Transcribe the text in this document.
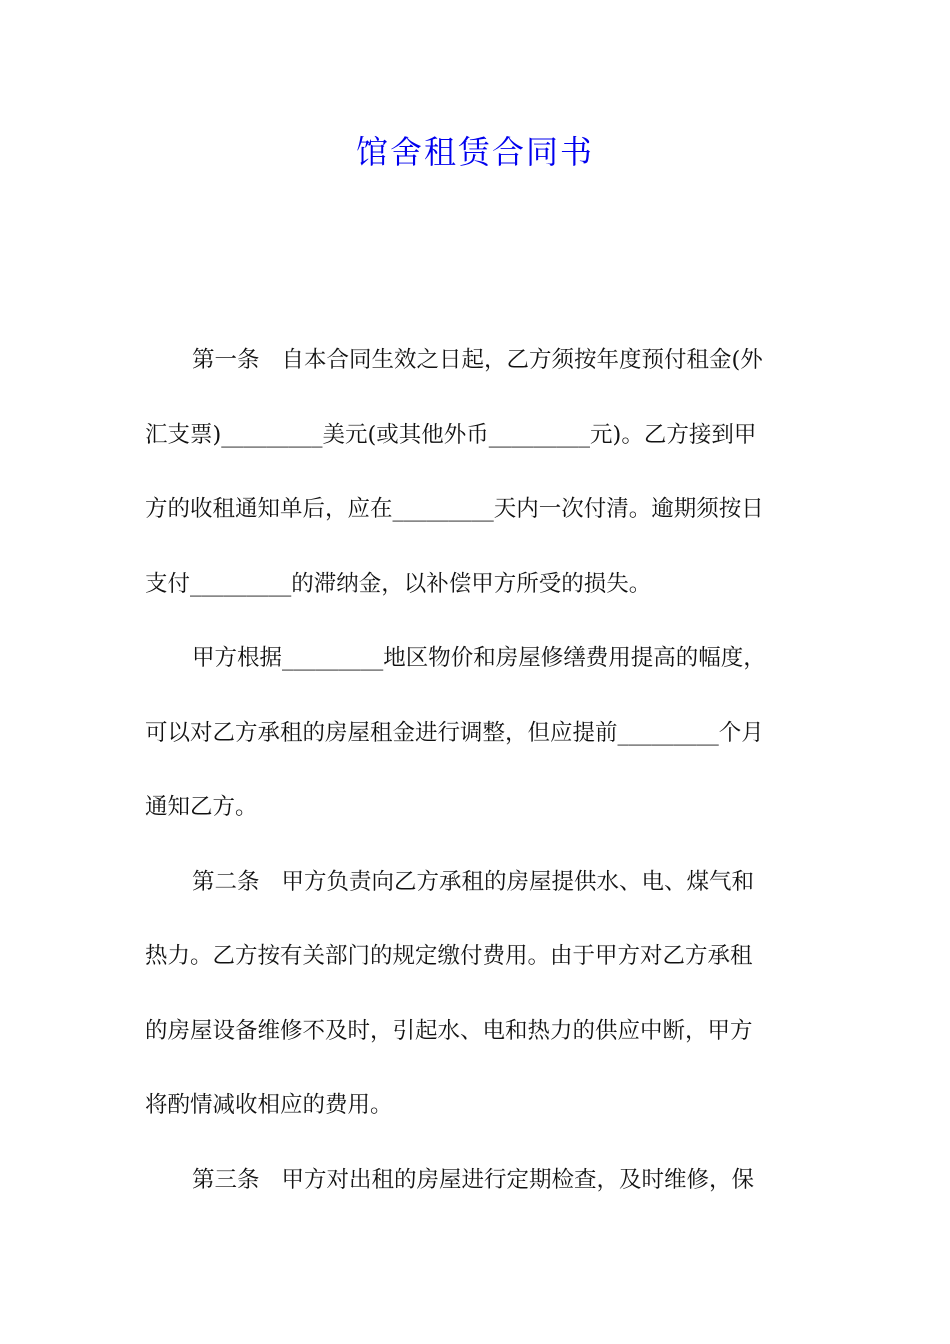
馆舍租赁合同书

第一条 自本合同生效之日起，乙方须按年度预付租金(外

汇支票)_________美元(或其他外币_________元)。乙方接到甲

方的收租通知单后，应在_________天内一次付清。逾期须按日

支付_________的滞纳金，以补偿甲方所受的损失。

甲方根据_________地区物价和房屋修缮费用提高的幅度，

可以对乙方承租的房屋租金进行调整，但应提前_________个月

通知乙方。

第二条 甲方负责向乙方承租的房屋提供水、电、煤气和

热力。乙方按有关部门的规定缴付费用。由于甲方对乙方承租

的房屋设备维修不及时，引起水、电和热力的供应中断，甲方

将酌情减收相应的费用。

第三条 甲方对出租的房屋进行定期检查，及时维修，保
